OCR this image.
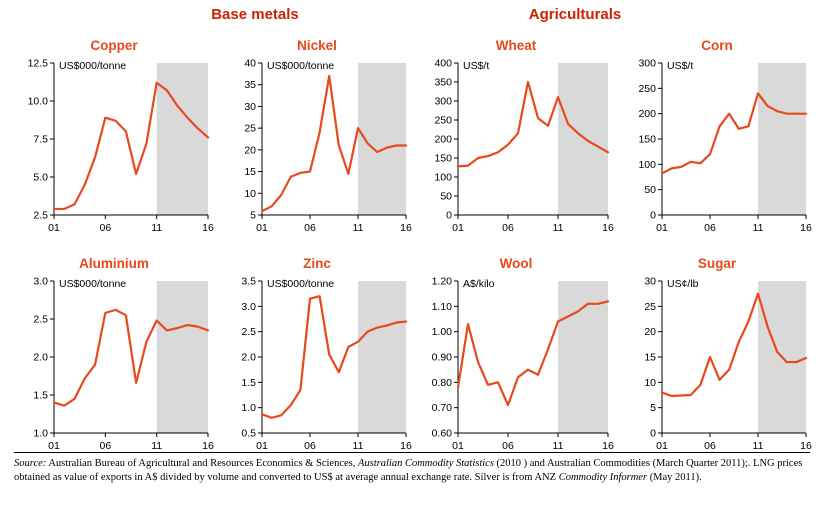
Base metals	Agriculturals
Copper
2.5
5.0
7.5
10.0
12.5
01	06	11	16
US$000/tonne
Nickel
5
10
15
20
25
30
35
40
01	06	11	16
US$000/tonne
Wheat
0
50
100
150
200
250
300
350
400
01	06	11	16
US$/t
Corn
0
50
100
150
200
250
300
01	06	11	16
US$/t
Aluminium
1.0
1.5
2.0
2.5
3.0
01	06	11	16
US$000/tonne
Zinc
0.5
1.0
1.5
2.0
2.5
3.0
3.5
01	06	11	16
US$000/tonne
Wool
0.60
0.70
0.80
0.90
1.00
1.10
1.20
01	06	11	16
A$/kilo
Sugar
0
5
10
15
20
25
30
01	06	11	16
US¢/lb
Source: Australian Bureau of Agricultural and Resources Economics & Sciences, Australian Commodity Statistics (2010 ) and Australian Commodities (March Quarter 2011);. LNG prices obtained as value of exports in A$ divided by volume and converted to US$ at average annual exchange rate. Silver is from ANZ Commodity Informer (May 2011).
